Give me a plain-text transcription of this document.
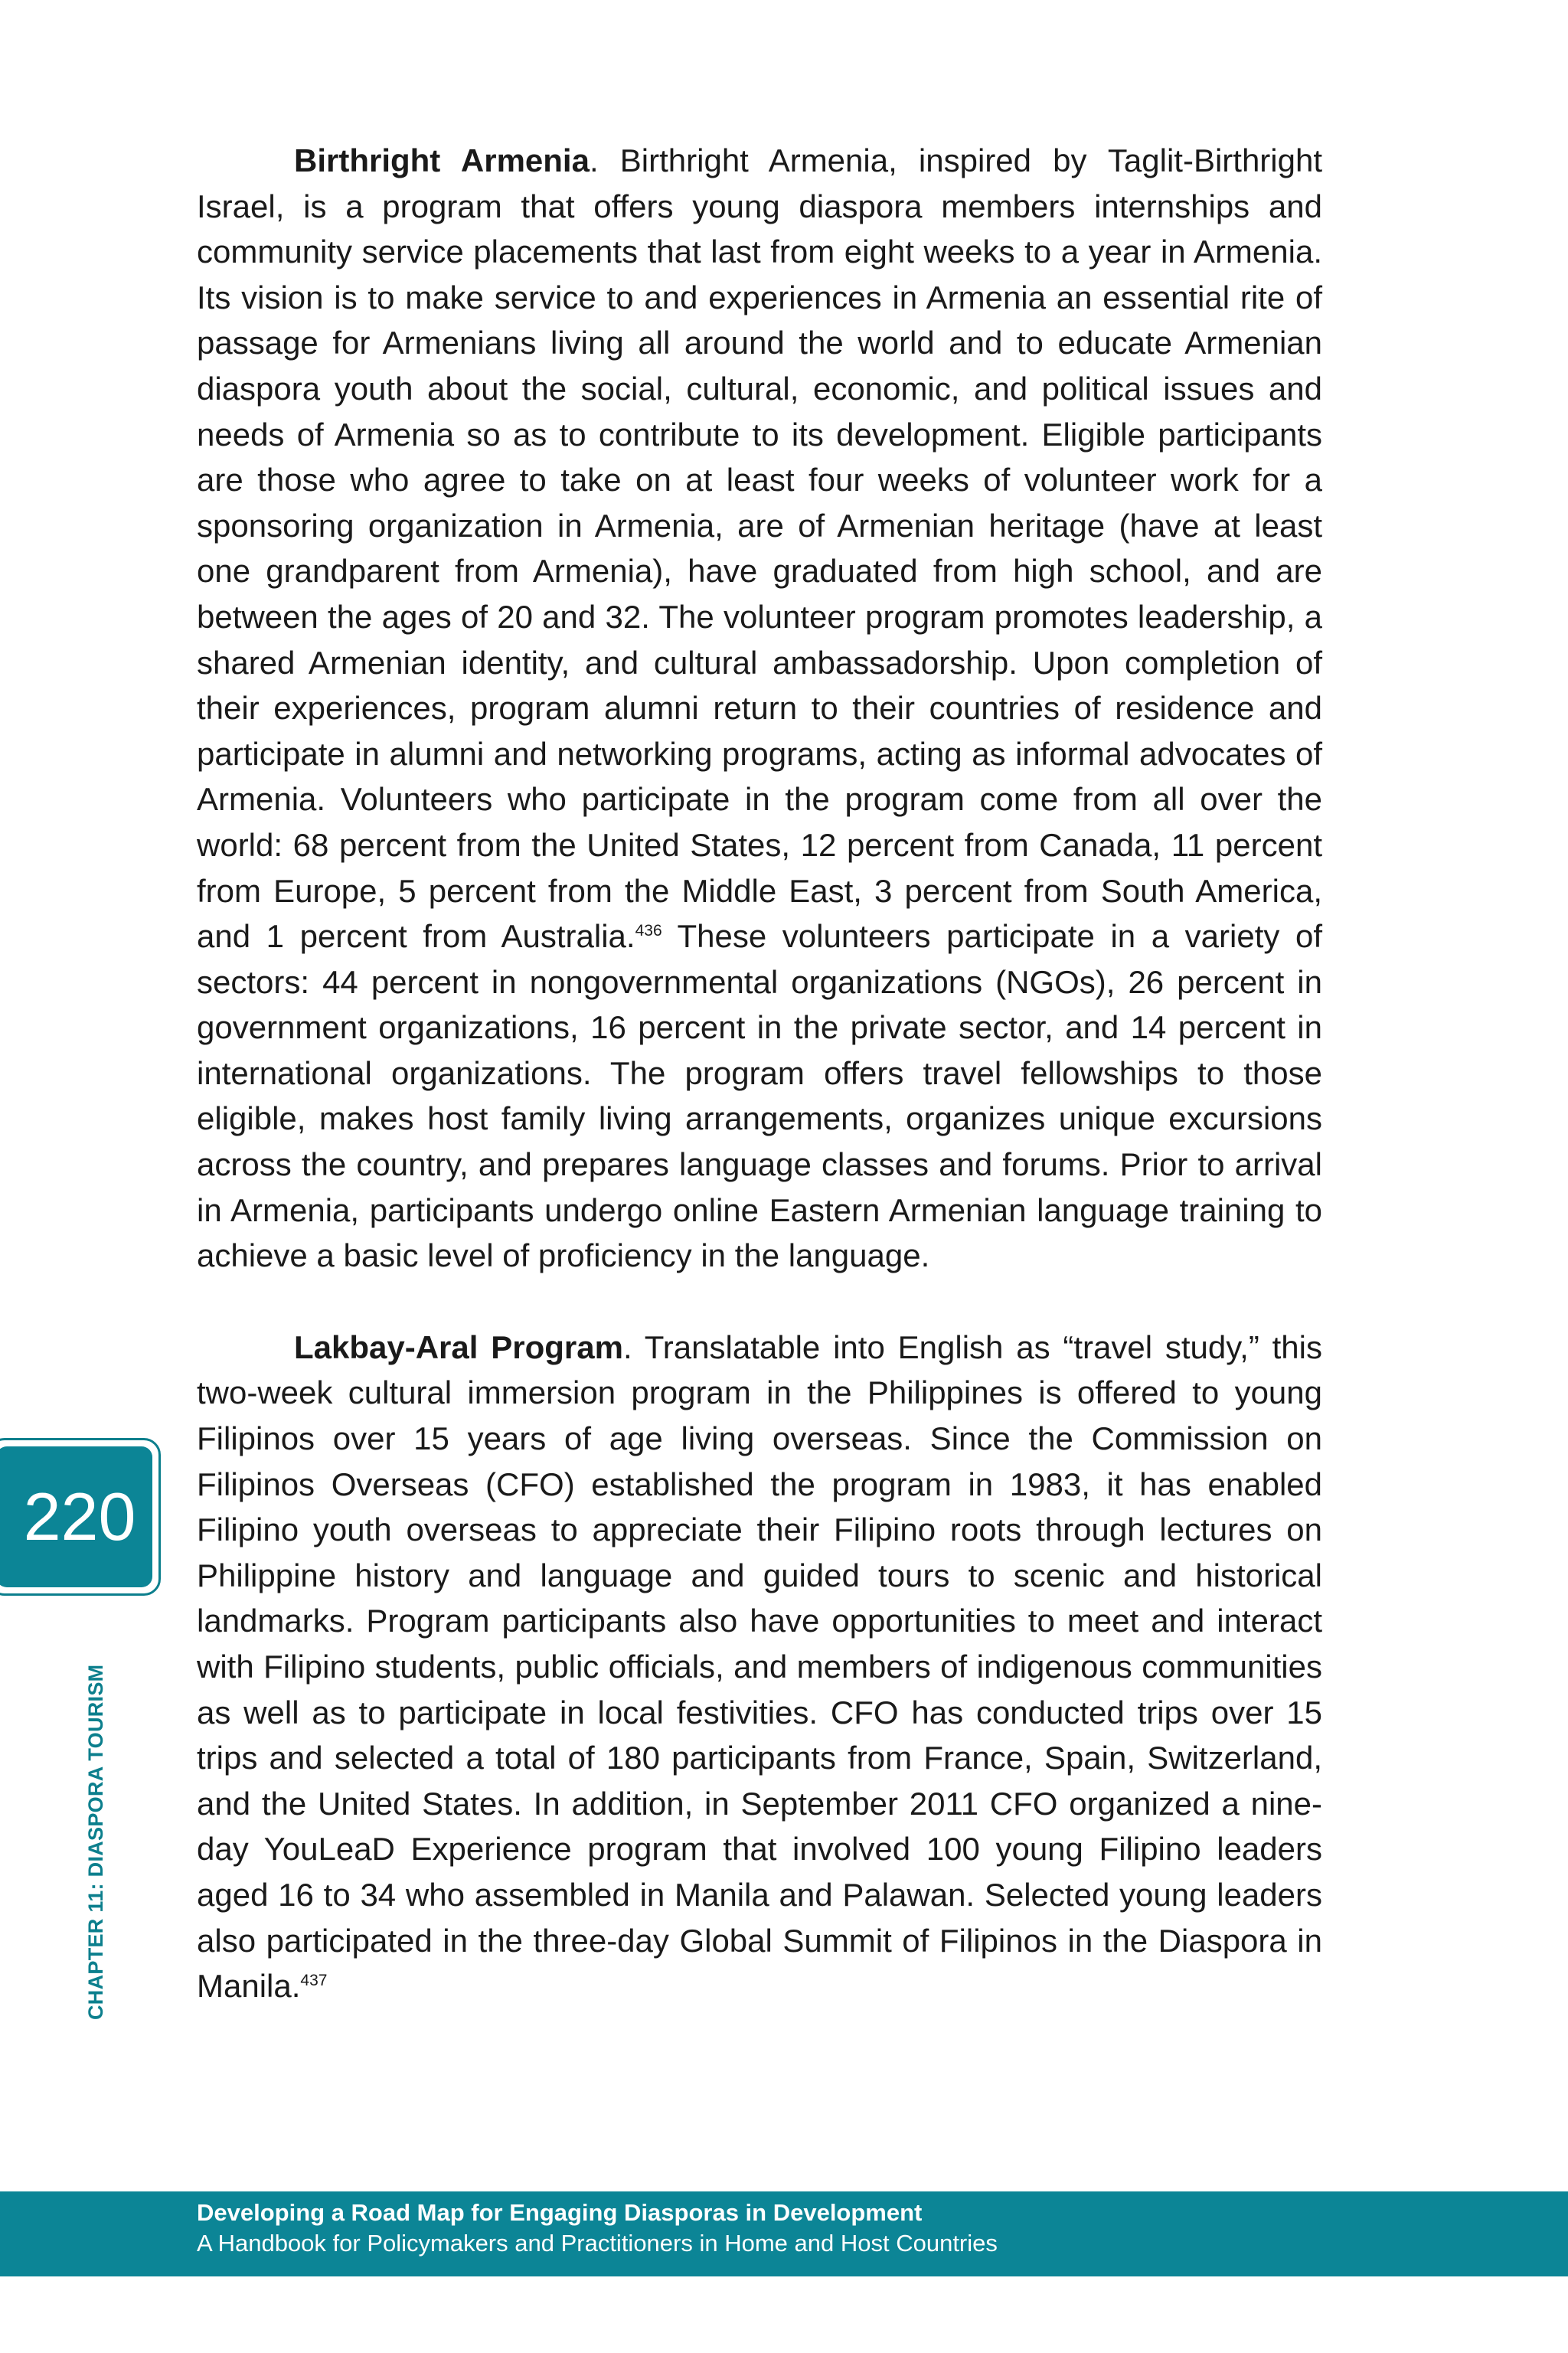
Birthright Armenia. Birthright Armenia, inspired by Taglit-Birthright Israel, is a program that offers young diaspora members internships and community service placements that last from eight weeks to a year in Armenia. Its vision is to make service to and experiences in Armenia an essential rite of passage for Armenians living all around the world and to educate Armenian diaspora youth about the social, cultural, economic, and political issues and needs of Armenia so as to contribute to its development. Eligible participants are those who agree to take on at least four weeks of volunteer work for a sponsoring organization in Armenia, are of Armenian heritage (have at least one grandparent from Armenia), have graduated from high school, and are between the ages of 20 and 32. The volunteer program promotes leadership, a shared Armenian identity, and cultural ambassadorship. Upon completion of their experiences, program alumni return to their countries of residence and participate in alumni and networking programs, acting as informal advocates of Armenia. Volunteers who participate in the program come from all over the world: 68 percent from the United States, 12 percent from Canada, 11 percent from Europe, 5 percent from the Middle East, 3 percent from South America, and 1 percent from Australia.$^{436}$ These volunteers participate in a variety of sectors: 44 percent in nongovernmental organizations (NGOs), 26 percent in government organizations, 16 percent in the private sector, and 14 percent in international organizations. The program offers travel fellowships to those eligible, makes host family living arrangements, organizes unique excursions across the country, and prepares language classes and forums. Prior to arrival in Armenia, participants undergo online Eastern Armenian language training to achieve a basic level of proficiency in the language.

Lakbay-Aral Program. Translatable into English as “travel study,” this two-week cultural immersion program in the Philippines is offered to young Filipinos over 15 years of age living overseas. Since the Commission on Filipinos Overseas (CFO) established the program in 1983, it has enabled Filipino youth overseas to appreciate their Filipino roots through lectures on Philippine history and language and guided tours to scenic and historical landmarks. Program participants also have opportunities to meet and interact with Filipino students, public officials, and members of indigenous communities as well as to participate in local festivities. CFO has conducted trips over 15 trips and selected a total of 180 participants from France, Spain, Switzerland, and the United States. In addition, in September 2011 CFO organized a nine-day YouLeaD Experience program that involved 100 young Filipino leaders aged 16 to 34 who assembled in Manila and Palawan. Selected young leaders also participated in the three-day Global Summit of Filipinos in the Diaspora in Manila.$^{437}$

220
CHAPTER 11: DIASPORA TOURISM
Developing a Road Map for Engaging Diasporas in Development
A Handbook for Policymakers and Practitioners in Home and Host Countries
